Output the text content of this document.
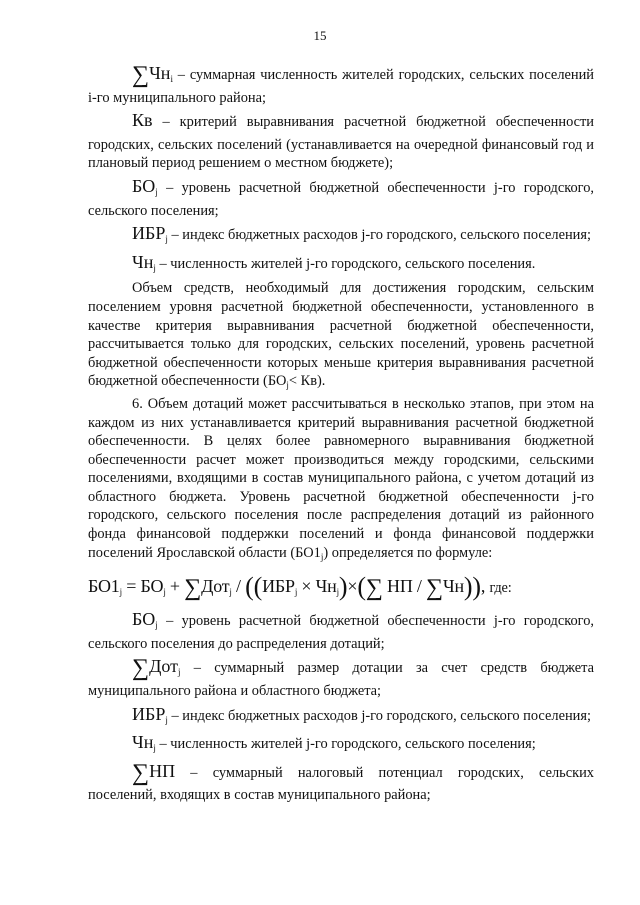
15

$\sum Чн_i$ – суммарная численность жителей городских, сельских поселений i-го муниципального района;

Кв – критерий выравнивания расчетной бюджетной обеспеченности городских, сельских поселений (устанавливается на очередной финансовый год и плановый период решением о местном бюджете);

$БО_j$ – уровень расчетной бюджетной обеспеченности j-го городского, сельского поселения;

$ИБР_j$ – индекс бюджетных расходов j-го городского, сельского поселения;

$Чн_j$ – численность жителей j-го городского, сельского поселения.

Объем средств, необходимый для достижения городским, сельским поселением уровня расчетной бюджетной обеспеченности, установленного в качестве критерия выравнивания расчетной бюджетной обеспеченности, рассчитывается только для городских, сельских поселений, уровень расчетной бюджетной обеспеченности которых меньше критерия выравнивания расчетной бюджетной обеспеченности $(БО_j< Кв)$.

6. Объем дотаций может рассчитываться в несколько этапов, при этом на каждом из них устанавливается критерий выравнивания расчетной бюджетной обеспеченности. В целях более равномерного выравнивания бюджетной обеспеченности расчет может производиться между городскими, сельскими поселениями, входящими в состав муниципального района, с учетом дотаций из областного бюджета. Уровень расчетной бюджетной обеспеченности j-го городского, сельского поселения после распределения дотаций из районного фонда финансовой поддержки поселений и фонда финансовой поддержки поселений Ярославской области $(БО1_j)$ определяется по формуле:

$БО1_j = БО_j + \sum Дот_j / ((ИБР_j \times Чн_j)\times(\sum$ НП / ∑Чн)), где:

$БО_j$ – уровень расчетной бюджетной обеспеченности j-го городского, сельского поселения до распределения дотаций;

∑Дот$_j$ – суммарный размер дотации за счет средств бюджета муниципального района и областного бюджета;

$ИБР_j$ – индекс бюджетных расходов j-го городского, сельского поселения;

$Чн_j$ – численность жителей j-го городского, сельского поселения;

∑НП – суммарный налоговый потенциал городских, сельских поселений, входящих в состав муниципального района;
